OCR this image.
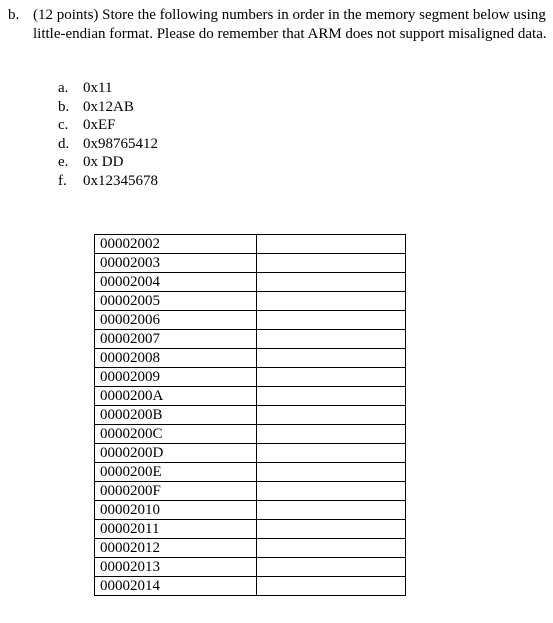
b. (12 points) Store the following numbers in order in the memory segment below using little-endian format. Please do remember that ARM does not support misaligned data.
a. 0x11
b. 0x12AB
c. 0xEF
d. 0x98765412
e. 0x DD
f.	0x12345678
00002002	
00002003	
00002004	
00002005	
00002006	
00002007	
00002008	
00002009	
0000200A	
0000200B	
0000200C	
0000200D	
0000200E	
0000200F	
00002010	
00002011	
00002012	
00002013	
00002014	
